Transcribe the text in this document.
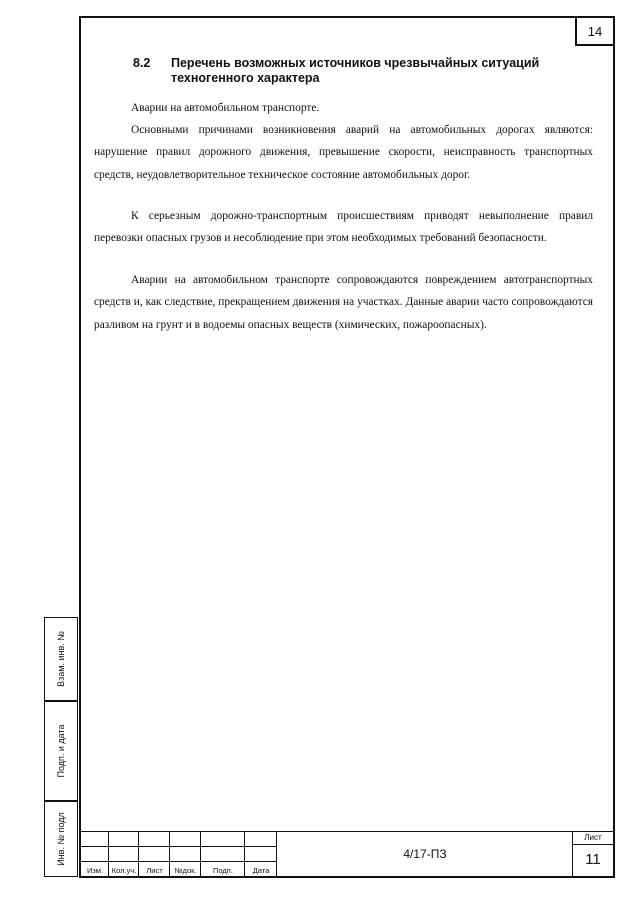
Взам. инв. №
Подп. и дата
Инв. № подл
14
8.2 Перечень возможных источников чрезвычайных ситуаций техногенного характера
Аварии на автомобильном транспорте.
Основными причинами возникновения аварий на автомобильных дорогах являются: нарушение правил дорожного движения, превышение скорости, неисправность транспортных средств, неудовлетворительное техническое состояние автомобильных дорог.
К серьезным дорожно-транспортным происшествиям приводят невыполнение правил перевозки опасных грузов и несоблюдение при этом необходимых требований безопасности.
Аварии на автомобильном транспорте сопровождаются повреждением автотранспортных средств и, как следствие, прекращением движения на участках. Данные аварии часто сопровождаются разливом на грунт и в водоемы опасных веществ (химических, пожароопасных).
Изм.	Кол.уч.	Лист	№док.	Подп.	Дата
4/17-ПЗ
Лист
11
